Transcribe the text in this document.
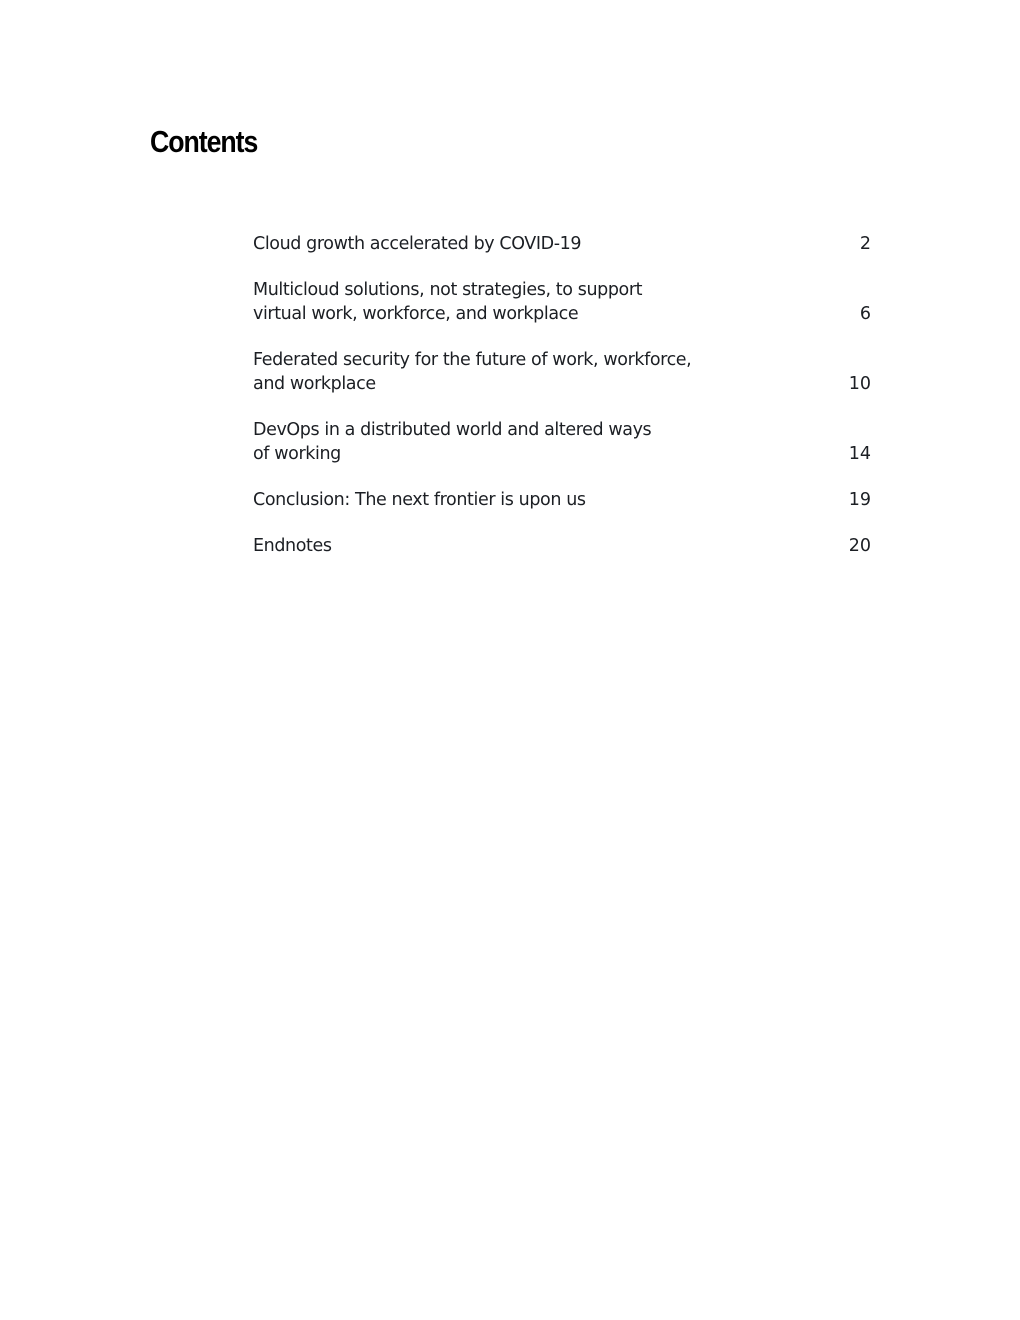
Contents
Cloud growth accelerated by COVID-19	2
Multicloud solutions, not strategies, to support
virtual work, workforce, and workplace	6
Federated security for the future of work, workforce,
and workplace	10
DevOps in a distributed world and altered ways
of working	14
Conclusion: The next frontier is upon us	19
Endnotes	20
